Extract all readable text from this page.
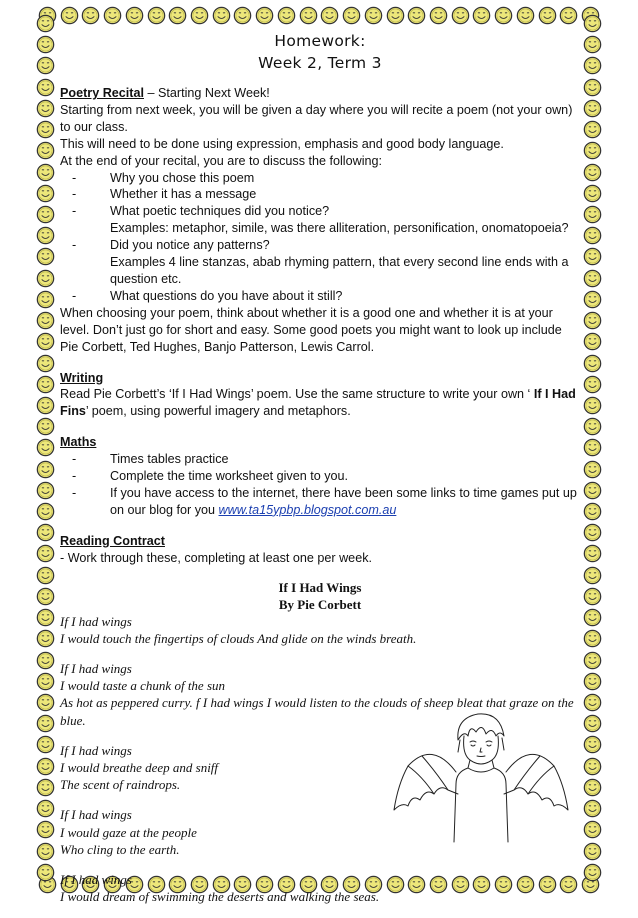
Homework:
Week 2, Term 3
Poetry Recital – Starting Next Week!
Starting from next week, you will be given a day where you will recite a poem (not your own) to our class.
This will need to be done using expression, emphasis and good body language.
At the end of your recital, you are to discuss the following:
- Why you chose this poem
- Whether it has a message
- What poetic techniques did you notice?
Examples: metaphor, simile, was there alliteration, personification, onomatopoeia?
- Did you notice any patterns?
Examples 4 line stanzas, abab rhyming pattern, that every second line ends with a question etc.
- What questions do you have about it still?
When choosing your poem, think about whether it is a good one and whether it is at your level. Don’t just go for short and easy. Some good poets you might want to look up include Pie Corbett, Ted Hughes, Banjo Patterson, Lewis Carrol.
Writing
Read Pie Corbett’s ‘If I Had Wings’ poem. Use the same structure to write your own ‘ If I Had Fins’ poem, using powerful imagery and metaphors.
Maths
- Times tables practice
- Complete the time worksheet given to you.
- If you have access to the internet, there have been some links to time games put up on our blog for you www.ta15ypbp.blogspot.com.au
Reading Contract
- Work through these, completing at least one per week.
If I Had Wings
By Pie Corbett
If I had wings
I would touch the fingertips of clouds And glide on the winds breath.
If I had wings
I would taste a chunk of the sun
As hot as peppered curry. f I had wings I would listen to the clouds of sheep bleat that graze on the blue.
If I had wings
I would breathe deep and sniff
The scent of raindrops.
If I had wings
I would gaze at the people
Who cling to the earth.
If I had wings
I would dream of swimming the deserts and walking the seas.
